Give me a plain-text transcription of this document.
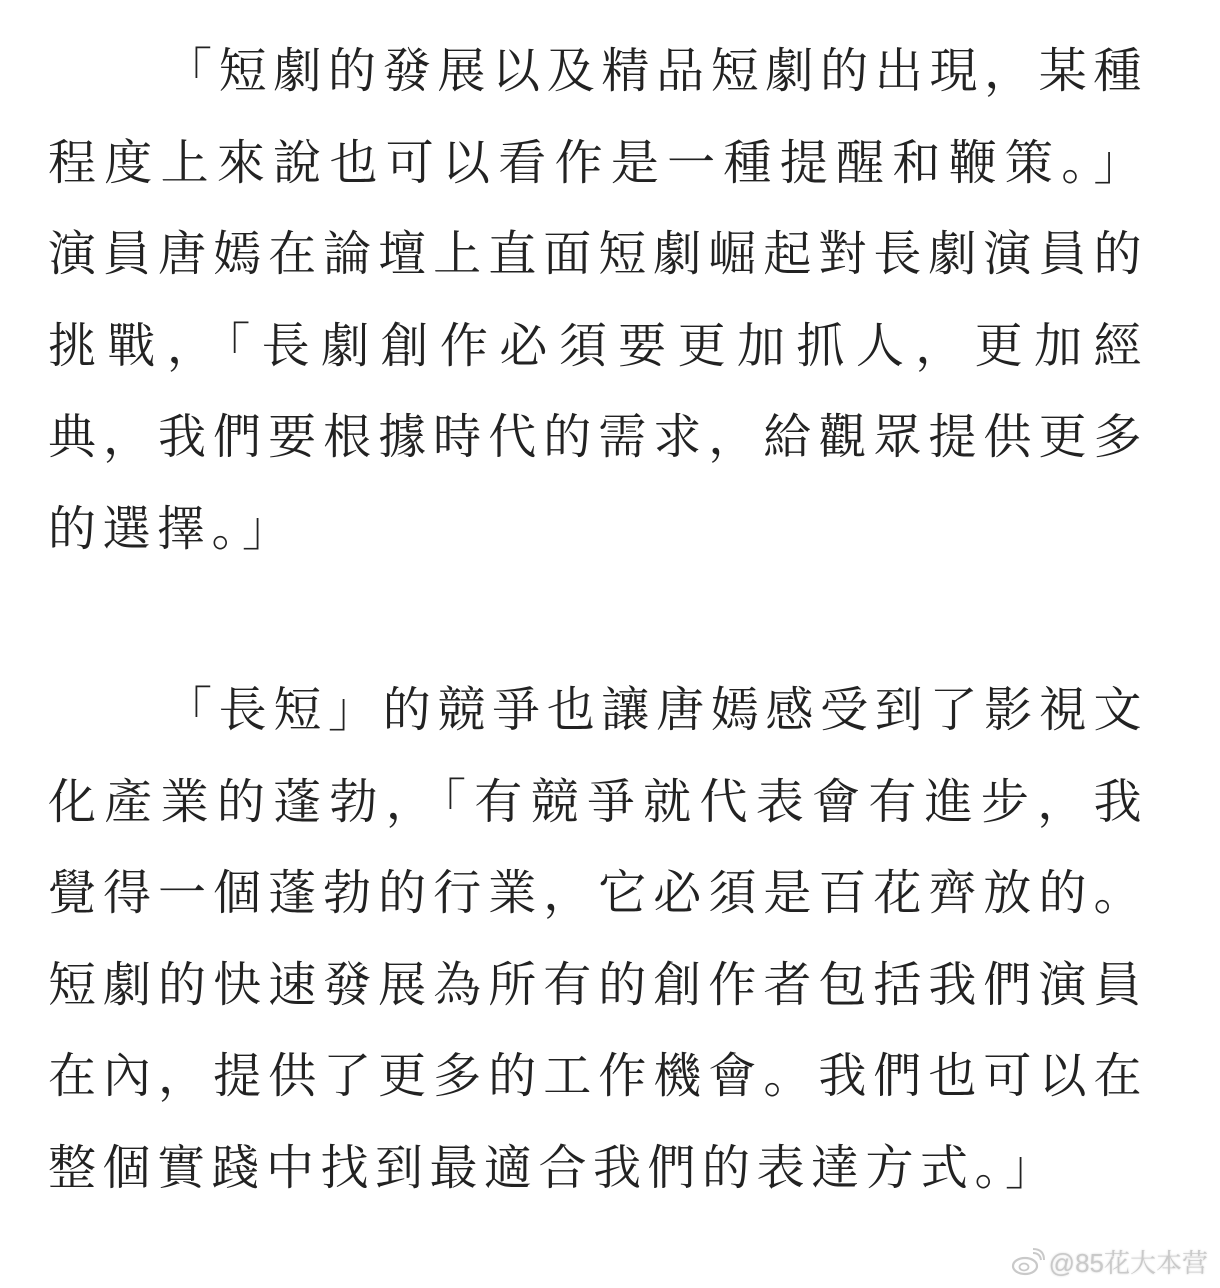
「短劇的發展以及精品短劇的出現，某種程度上來說也可以看作是一種提醒和鞭策。」演員唐嫣在論壇上直面短劇崛起對長劇演員的挑戰，「長劇創作必須要更加抓人，更加經典，我們要根據時代的需求，給觀眾提供更多的選擇。」

「長短」的競爭也讓唐嫣感受到了影視文化產業的蓬勃，「有競爭就代表會有進步，我覺得一個蓬勃的行業，它必須是百花齊放的。短劇的快速發展為所有的創作者包括我們演員在內，提供了更多的工作機會。我們也可以在整個實踐中找到最適合我們的表達方式。」

@85花大本营
